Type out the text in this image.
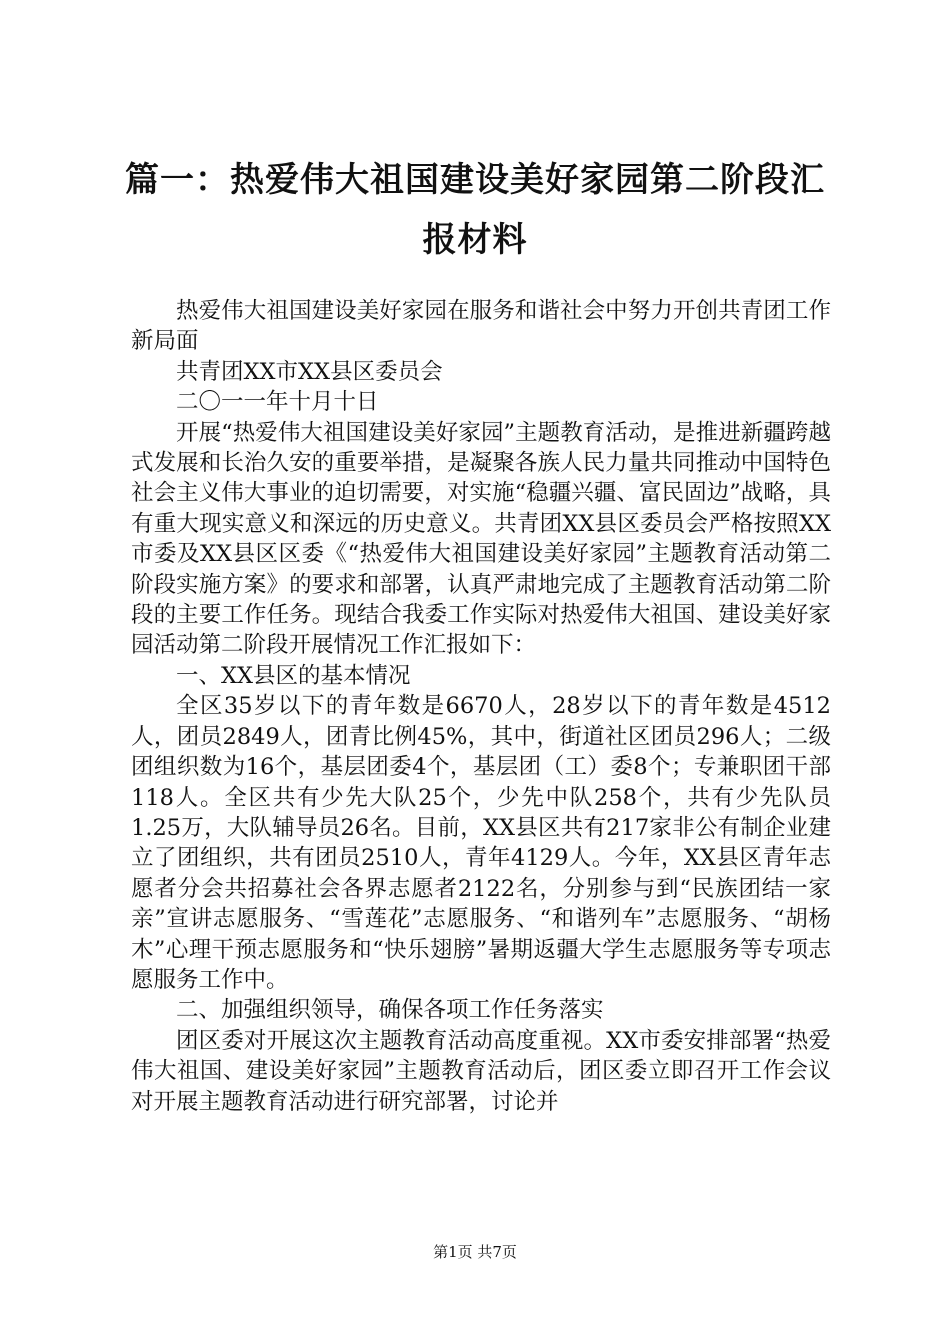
篇一：热爱伟大祖国建设美好家园第二阶段汇
报材料

热爱伟大祖国建设美好家园在服务和谐社会中努力开创共青团工作新局面

共青团XX市XX县区委员会

二〇一一年十月十日

开展“热爱伟大祖国建设美好家园”主题教育活动，是推进新疆跨越式发展和长治久安的重要举措，是凝聚各族人民力量共同推动中国特色社会主义伟大事业的迫切需要，对实施“稳疆兴疆、富民固边”战略，具有重大现实意义和深远的历史意义。共青团XX县区委员会严格按照XX市委及XX县区区委《“热爱伟大祖国建设美好家园”主题教育活动第二阶段实施方案》的要求和部署，认真严肃地完成了主题教育活动第二阶段的主要工作任务。现结合我委工作实际对热爱伟大祖国、建设美好家园活动第二阶段开展情况工作汇报如下：

一、XX县区的基本情况

全区35岁以下的青年数是6670人，28岁以下的青年数是4512人，团员2849人，团青比例45%，其中，街道社区团员296人；二级团组织数为16个，基层团委4个，基层团（工）委8个；专兼职团干部118人。全区共有少先大队25个，少先中队258个，共有少先队员1.25万，大队辅导员26名。目前，XX县区共有217家非公有制企业建立了团组织，共有团员2510人，青年4129人。今年，XX县区青年志愿者分会共招募社会各界志愿者2122名，分别参与到“民族团结一家亲”宣讲志愿服务、“雪莲花”志愿服务、“和谐列车”志愿服务、“胡杨木”心理干预志愿服务和“快乐翅膀”暑期返疆大学生志愿服务等专项志愿服务工作中。

二、加强组织领导，确保各项工作任务落实

团区委对开展这次主题教育活动高度重视。XX市委安排部署“热爱伟大祖国、建设美好家园”主题教育活动后，团区委立即召开工作会议对开展主题教育活动进行研究部署，讨论并

第1页 共7页
